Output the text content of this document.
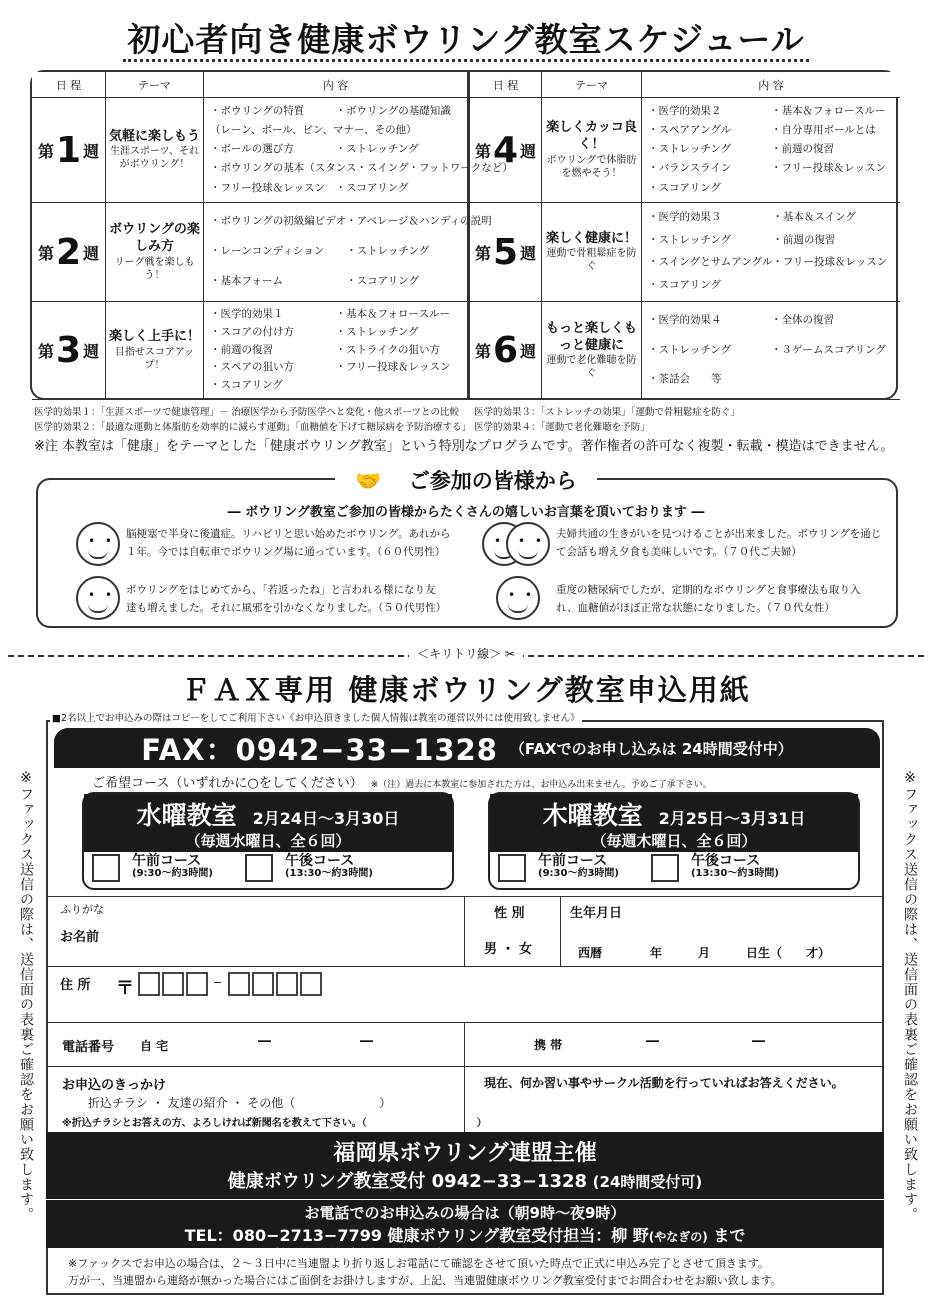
初心者向き健康ボウリング教室スケジュール
日 程	テーマ	内 容	日 程	テーマ	内 容
第 1 週
気軽に楽しもう
生涯スポーツ、それがボウリング！
・ボウリングの特質	・ボウリングの基礎知識
（レーン、ボール、ピン、マナー、その他）
・ボールの選び方	・ストレッチング
・ボウリングの基本（スタンス・スイング・フットワークなど）
・フリー投球＆レッスン	・スコアリング
第 2 週
ボウリングの楽しみ方
リーグ戦を楽しもう！
・ボウリングの初級編ビデオ ・アベレージ＆ハンディの説明
・レーンコンディション	・ストレッチング
・基本フォーム	・スコアリング
第 3 週
楽しく上手に！
目指せスコアアップ！
・医学的効果１	・基本＆フォロースルー
・スコアの付け方	・ストレッチング
・前週の復習	・ストライクの狙い方
・スペアの狙い方	・フリー投球＆レッスン
・スコアリング
第 4 週
楽しくカッコ良く！
ボウリングで体脂肪を燃やそう！
・医学的効果２	・基本＆フォロースルー
・スペアアングル	・自分専用ボールとは
・ストレッチング	・前週の復習
・バランスライン	・フリー投球＆レッスン
・スコアリング
第 5 週
楽しく健康に！
運動で骨粗鬆症を防ぐ
・医学的効果３	・基本＆スイング
・ストレッチング	・前週の復習
・スイングとサムアングル ・フリー投球＆レッスン
・スコアリング
第 6 週
もっと楽しくもっと健康に
運動で老化難聴を防ぐ
・医学的効果４	・全体の復習
・ストレッチング	・３ゲームスコアリング
・茶話会　　等
医学的効果１：「生涯スポーツで健康管理」－ 治療医学から予防医学へと変化・他スポーツとの比較	医学的効果３：「ストレッチの効果」「運動で骨粗鬆症を防ぐ」
医学的効果２：「最適な運動と体脂肪を効率的に減らす運動」「血糖値を下げて糖尿病を予防治療する」 医学的効果４：「運動で老化難聴を予防」
※注 本教室は「健康」をテーマとした「健康ボウリング教室」という特別なプログラムです。著作権者の許可なく複製・転載・模造はできません。
🤝 ご参加の皆様から
― ボウリング教室ご参加の皆様からたくさんの嬉しいお言葉を頂いております ―
• •
脳梗塞で半身に後遺症。リハビリと思い始めたボウリング。あれから１年。今では自転車でボウリング場に通っています。（６０代男性）
• •
• •
夫婦共通の生きがいを見つけることが出来ました。ボウリングを通じて会話も増え夕食も美味しいです。（７０代ご夫婦）
• •
ボウリングをはじめてから、「若返ったね」と言われる様になり友達も増えました。それに風邪を引かなくなりました。（５０代男性）
• •
重度の糖尿病でしたが、定期的なボウリングと食事療法も取り入れ、血糖値がほぼ正常な状態になりました。（７０代女性）
＜キリトリ線＞ ✂
ＦＡＸ専用 健康ボウリング教室申込用紙
■2名以上でお申込みの際はコピーをしてご利用下さい《お申込頂きました個人情報は教室の運営以外には使用致しません》
FAX：0942−33−1328 （FAXでのお申し込みは 24時間受付中）
ご希望コース（いずれかに○をしてください） ※（注）過去に本教室に参加された方は、お申込み出来ません。予めご了承下さい。
水曜教室 2月24日〜3月30日
（毎週水曜日、全６回）
午前コース
(9:30〜約3時間)
午後コース
(13:30〜約3時間)
木曜教室 2月25日〜3月31日
（毎週木曜日、全６回）
午前コース
(9:30〜約3時間)
午後コース
(13:30〜約3時間)
ふりがな
お名前
性 別
男 ・ 女
生年月日
西暦　　　　年　　　月　　　日生（　　才）
住 所 〒	−
電話番号 自 宅	―	―	携 帯	―	―
お申込のきっかけ
折込チラシ ・ 友達の紹介 ・ その他（　　　　　　　）
※折込チラシとお答えの方、よろしければ新聞名を教えて下さい。（　　　　　　　　　　　）
現在、何か習い事やサークル活動を行っていればお答えください。
福岡県ボウリング連盟主催
健康ボウリング教室受付 0942−33−1328 (24時間受付可)
お電話でのお申込みの場合は（朝9時〜夜9時）
TEL：080−2713−7799 健康ボウリング教室受付担当：柳 野(やなぎの) まで
※上記電話が通話中や留守番電話対応などで出れなかった場合は折り返し確認の連絡をさせて頂きます。
※ファックスでお申込の場合は、２〜３日中に当連盟より折り返しお電話にて確認をさせて頂いた時点で正式に申込み完了とさせて頂きます。
万が一、当連盟から連絡が無かった場合にはご面倒をお掛けしますが、上記、当連盟健康ボウリング教室受付までお問合わせをお願い致します。
※ファックス送信の際は、送信面の表裏ご確認をお願い致します。	※ファックス送信の際は、送信面の表裏ご確認をお願い致します。
